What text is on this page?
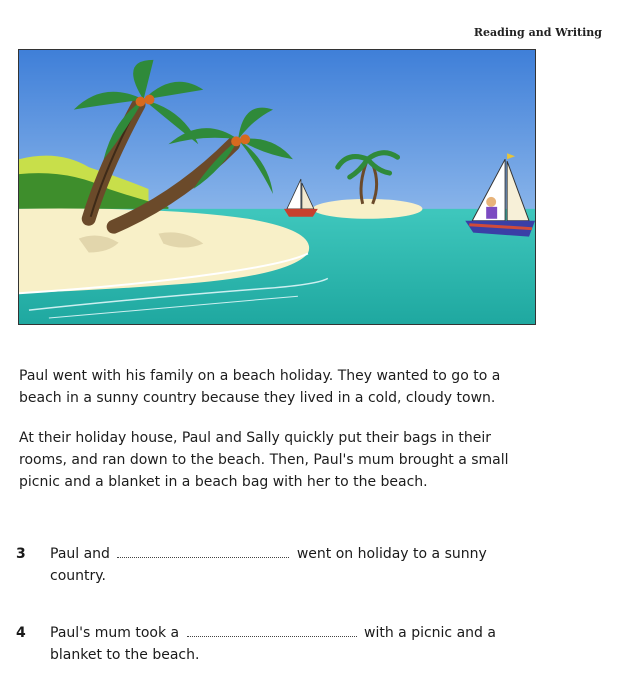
Reading and Writing
Paul went with his family on a beach holiday. They wanted to go to a beach in a sunny country because they lived in a cold, cloudy town.
At their holiday house, Paul and Sally quickly put their bags in their rooms, and ran down to the beach. Then, Paul's mum brought a small picnic and a blanket in a beach bag with her to the beach.
3 Paul and	went on holiday to a sunny
country.
4 Paul's mum took a	with a picnic and a
blanket to the beach.
